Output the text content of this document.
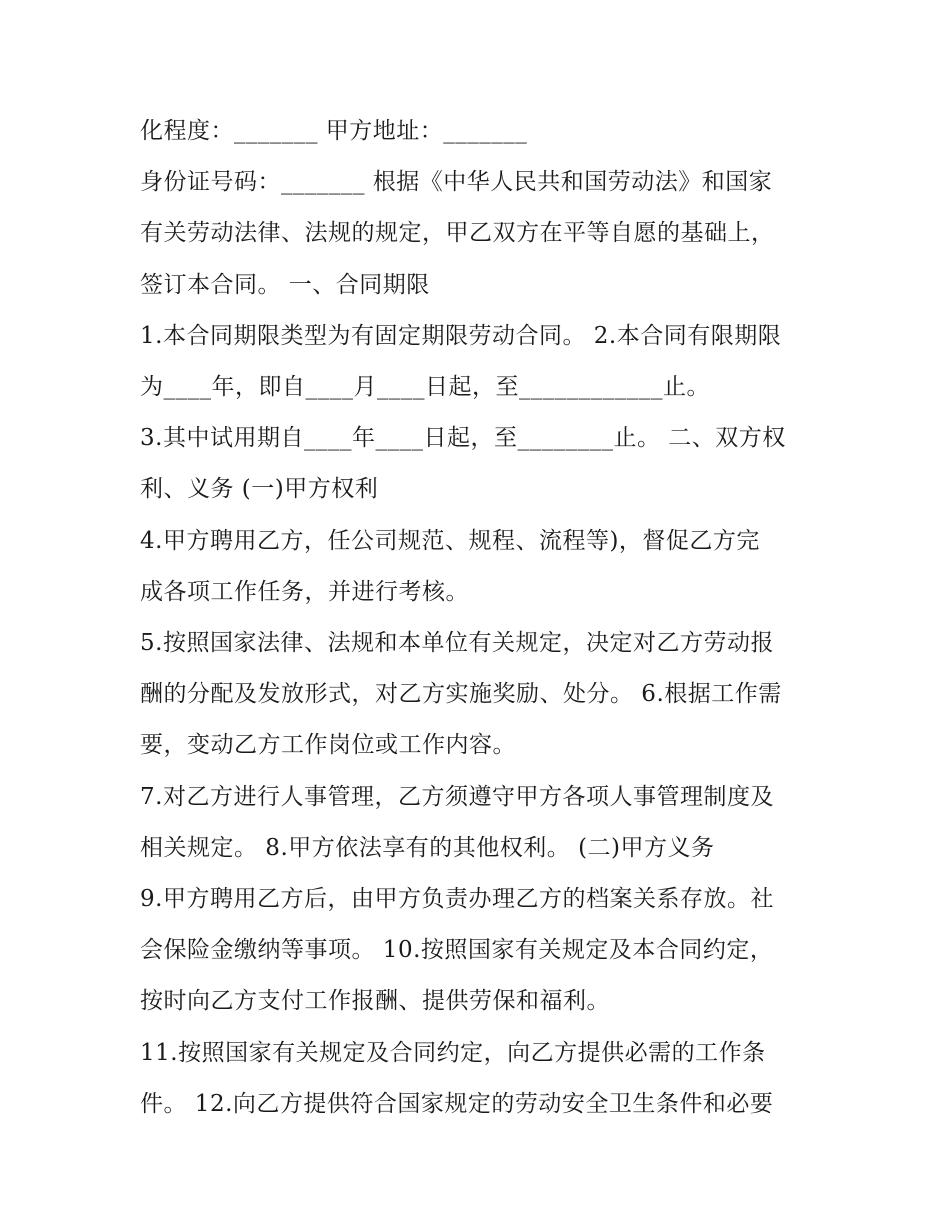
化程度：_______ 甲方地址：_______
身份证号码：_______ 根据《中华人民共和国劳动法》和国家
有关劳动法律、法规的规定，甲乙双方在平等自愿的基础上，
签订本合同。 一、合同期限
1.本合同期限类型为有固定期限劳动合同。 2.本合同有限期限
为____年，即自____月____日起，至____________止。
3.其中试用期自____年____日起，至________止。 二、双方权
利、义务 (一)甲方权利
4.甲方聘用乙方，任公司规范、规程、流程等)，督促乙方完
成各项工作任务，并进行考核。
5.按照国家法律、法规和本单位有关规定，决定对乙方劳动报
酬的分配及发放形式，对乙方实施奖励、处分。 6.根据工作需
要，变动乙方工作岗位或工作内容。
7.对乙方进行人事管理，乙方须遵守甲方各项人事管理制度及
相关规定。 8.甲方依法享有的其他权利。 (二)甲方义务
9.甲方聘用乙方后，由甲方负责办理乙方的档案关系存放。社
会保险金缴纳等事项。 10.按照国家有关规定及本合同约定，
按时向乙方支付工作报酬、提供劳保和福利。
11.按照国家有关规定及合同约定，向乙方提供必需的工作条
件。 12.向乙方提供符合国家规定的劳动安全卫生条件和必要
